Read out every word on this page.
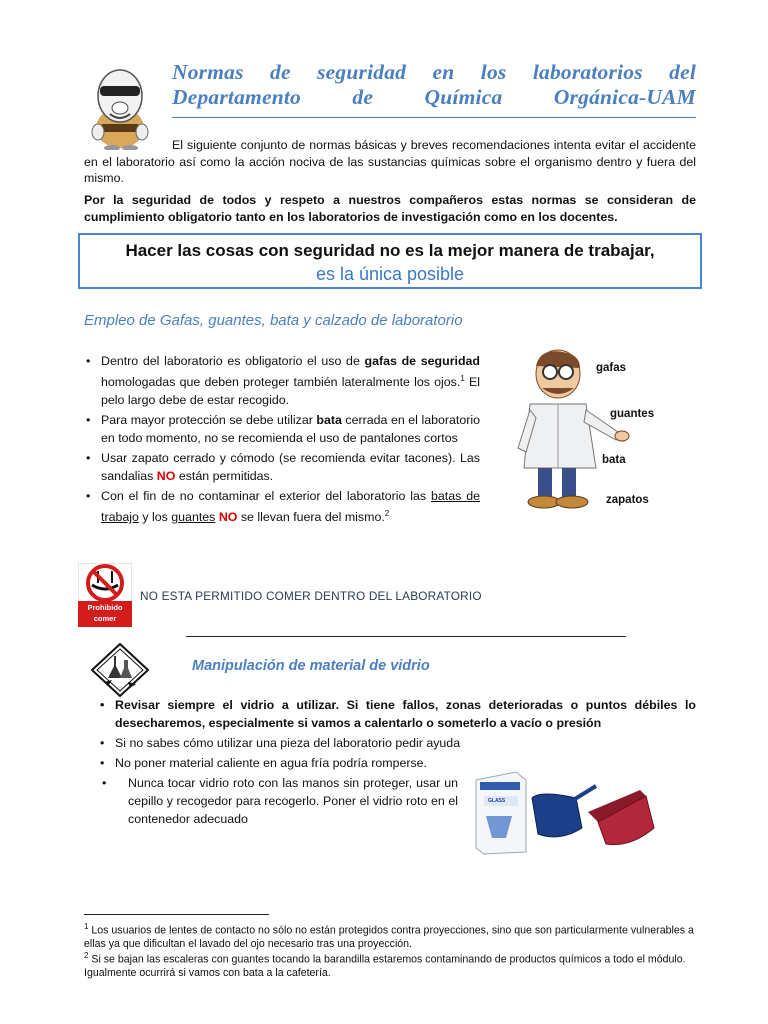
Normas de seguridad en los laboratorios del Departamento de Química Orgánica-UAM
El siguiente conjunto de normas básicas y breves recomendaciones intenta evitar el accidente en el laboratorio así como la acción nociva de las sustancias químicas sobre el organismo dentro y fuera del mismo.
Por la seguridad de todos y respeto a nuestros compañeros estas normas se consideran de cumplimiento obligatorio tanto en los laboratorios de investigación como en los docentes.
Hacer las cosas con seguridad no es la mejor manera de trabajar,
es la única posible
Empleo de Gafas, guantes, bata y calzado de laboratorio
• Dentro del laboratorio es obligatorio el uso de gafas de seguridad homologadas que deben proteger también lateralmente los ojos.$^1$ El pelo largo debe de estar recogido.
• Para mayor protección se debe utilizar bata cerrada en el laboratorio en todo momento, no se recomienda el uso de pantalones cortos
• Usar zapato cerrado y cómodo (se recomienda evitar tacones). Las sandalias NO están permitidas.
• Con el fin de no contaminar el exterior del laboratorio las batas de trabajo y los guantes NO se llevan fuera del mismo.$^2$
gafas
guantes
bata
zapatos
Prohibido
comer
NO ESTA PERMITIDO COMER DENTRO DEL LABORATORIO
Manipulación de material de vidrio
• Revisar siempre el vidrio a utilizar. Si tiene fallos, zonas deterioradas o puntos débiles lo desecharemos, especialmente si vamos a calentarlo o someterlo a vacío o presión
• Si no sabes cómo utilizar una pieza del laboratorio pedir ayuda
• No poner material caliente en agua fría podría romperse.
• Nunca tocar vidrio roto con las manos sin proteger, usar un cepillo y recogedor para recogerlo. Poner el vidrio roto en el contenedor adecuado
GLASS
$^1$ Los usuarios de lentes de contacto no sólo no están protegidos contra proyecciones, sino que son particularmente vulnerables a ellas ya que dificultan el lavado del ojo necesario tras una proyección.
$^2$ Si se bajan las escaleras con guantes tocando la barandilla estaremos contaminando de productos químicos a todo el módulo. Igualmente ocurrirá si vamos con bata a la cafetería.
